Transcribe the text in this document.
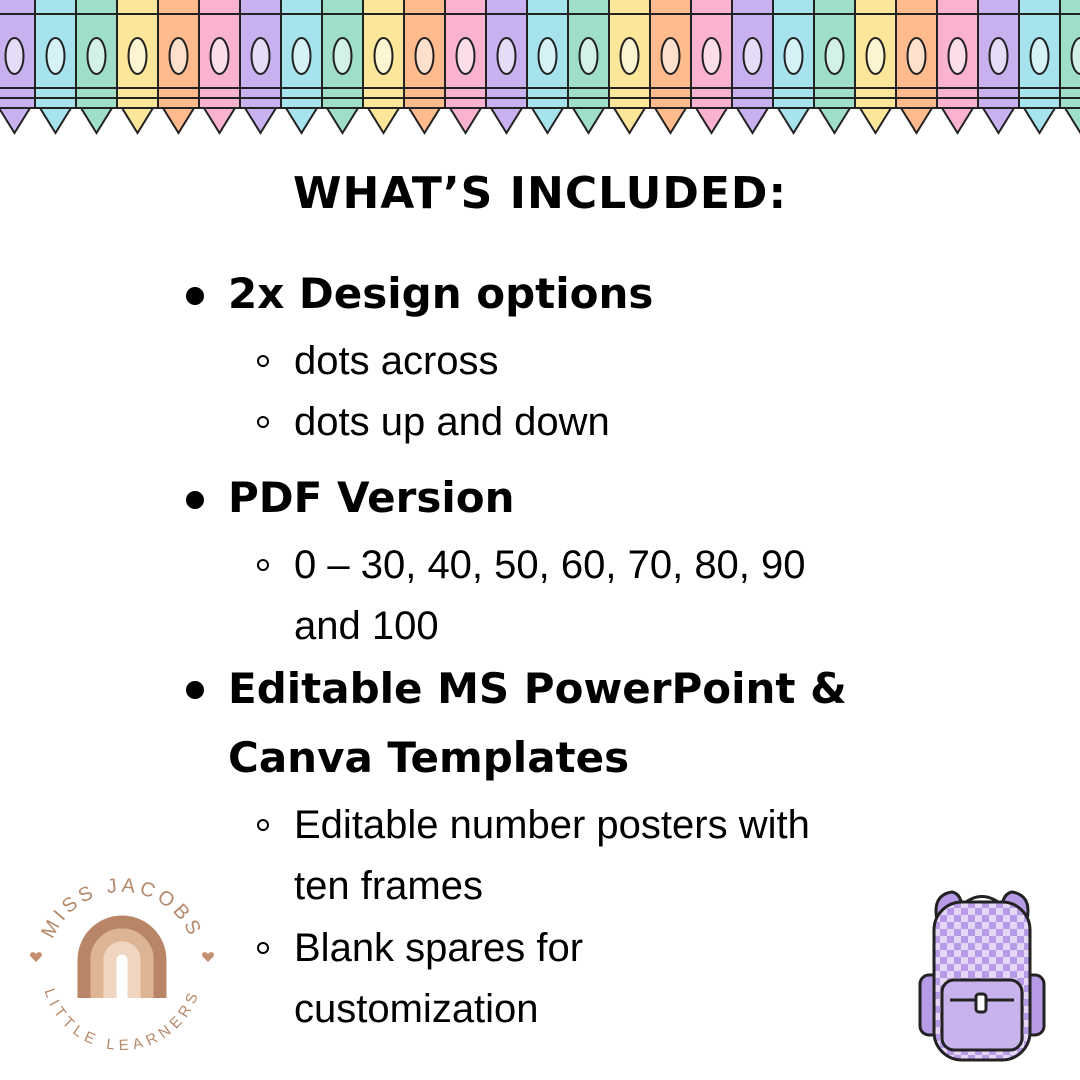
WHAT’S INCLUDED:
2x Design options
dots across
dots up and down
PDF Version
0 – 30, 40, 50, 60, 70, 80, 90
and 100
Editable MS PowerPoint &
Canva Templates
Editable number posters with
ten frames
Blank spares for
customization
MISS JACOBS
LITTLE LEARNERS
